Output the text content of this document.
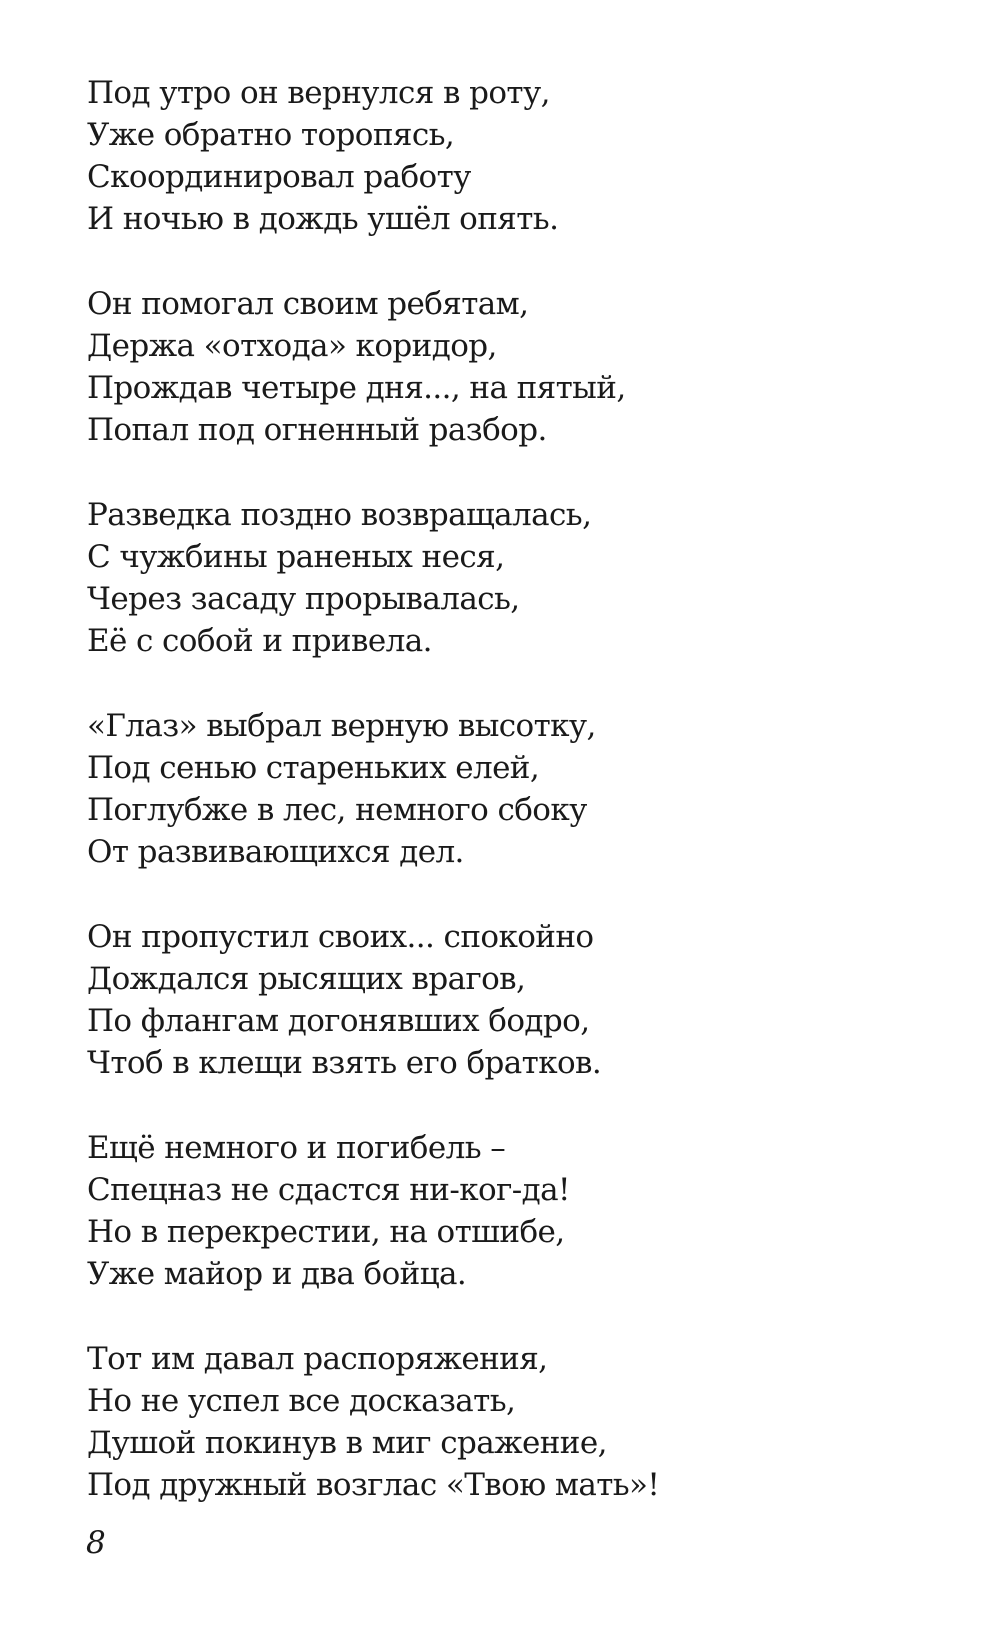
Под утро он вернулся в роту,
Уже обратно торопясь,
Скоординировал работу
И ночью в дождь ушёл опять.
Он помогал своим ребятам,
Держа «отхода» коридор,
Прождав четыре дня..., на пятый,
Попал под огненный разбор.
Разведка поздно возвращалась,
С чужбины раненых неся,
Через засаду прорывалась,
Её с собой и привела.
«Глаз» выбрал верную высотку,
Под сенью стареньких елей,
Поглубже в лес, немного сбоку
От развивающихся дел.
Он пропустил своих... спокойно
Дождался рысящих врагов,
По флангам догонявших бодро,
Чтоб в клещи взять его братков.
Ещё немного и погибель –
Спецназ не сдастся ни-ког-да!
Но в перекрестии, на отшибе,
Уже майор и два бойца.
Тот им давал распоряжения,
Но не успел все досказать,
Душой покинув в миг сражение,
Под дружный возглас «Твою мать»!
8
